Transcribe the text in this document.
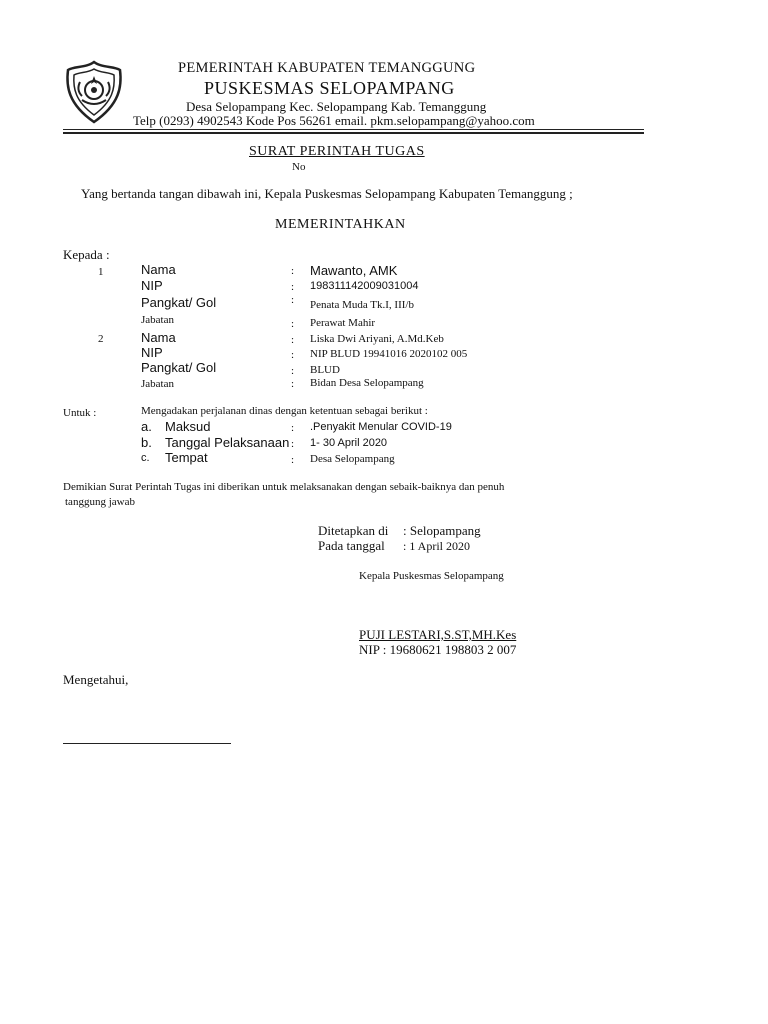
PEMERINTAH KABUPATEN TEMANGGUNG
PUSKESMAS SELOPAMPANG
Desa Selopampang Kec. Selopampang Kab. Temanggung
Telp (0293) 4902543 Kode Pos 56261 email. pkm.selopampang@yahoo.com
SURAT PERINTAH TUGAS
No
Yang bertanda tangan dibawah ini, Kepala Puskesmas Selopampang Kabupaten Temanggung ;
MEMERINTAHKAN
Kepada :
1	Nama	: Mawanto, AMK
NIP	: 198311142009031004
Pangkat/ Gol	: Penata Muda Tk.I, III/b
Jabatan	: Perawat Mahir
2	Nama	: Liska Dwi Ariyani, A.Md.Keb
NIP	: NIP BLUD 19941016 2020102 005
Pangkat/ Gol	: BLUD
Jabatan	: Bidan Desa Selopampang
Untuk :	Mengadakan perjalanan dinas dengan ketentuan sebagai berikut :
a. Maksud	: .Penyakit Menular COVID-19
b. Tanggal Pelaksanaan : 1- 30 April 2020
c. Tempat	: Desa Selopampang
Demikian Surat Perintah Tugas ini diberikan untuk melaksanakan dengan sebaik-baiknya dan penuh
tanggung jawab
Ditetapkan di : Selopampang
Pada tanggal : 1 April 2020
Kepala Puskesmas Selopampang
PUJI LESTARI,S.ST,MH.Kes
NIP : 19680621 198803 2 007
Mengetahui,
